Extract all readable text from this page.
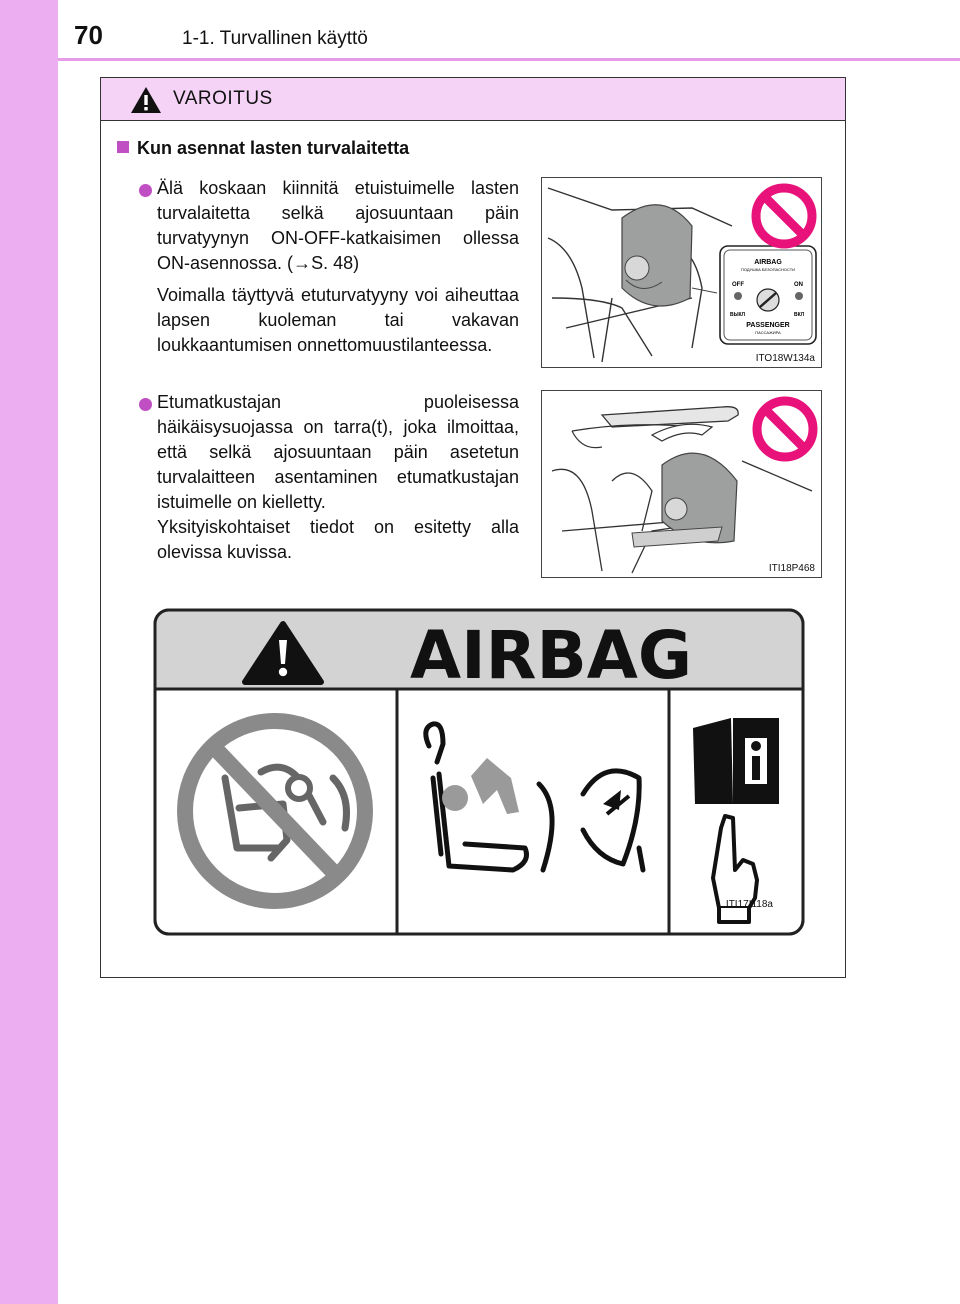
70	1-1. Turvallinen käyttö
VAROITUS
Kun asennat lasten turvalaitetta

Älä koskaan kiinnitä etuistuimelle lasten turvalaitetta selkä ajosuuntaan päin turvatyynyn ON-OFF-katkaisimen ollessa ON-asennossa. (→S. 48)

Voimalla täyttyvä etuturvatyyny voi aiheuttaa lapsen kuoleman tai vakavan loukkaantumisen onnettomuustilanteessa.

AIRBAG
ПОДУШКА БЕЗОПАСНОСТИ
OFF	ON
ВЫКЛ	ВКЛ
PASSENGER
ПАССАЖИРА
ITO18W134a

Etumatkustajan puoleisessa häikäisysuojassa on tarra(t), joka ilmoittaa, että selkä ajosuuntaan päin asetetun turvalaitteen asentaminen etumatkustajan istuimelle on kielletty.

Yksityiskohtaiset tiedot on esitetty alla olevissa kuvissa.

ITI18P468
AIRBAG
ITI17I118a
